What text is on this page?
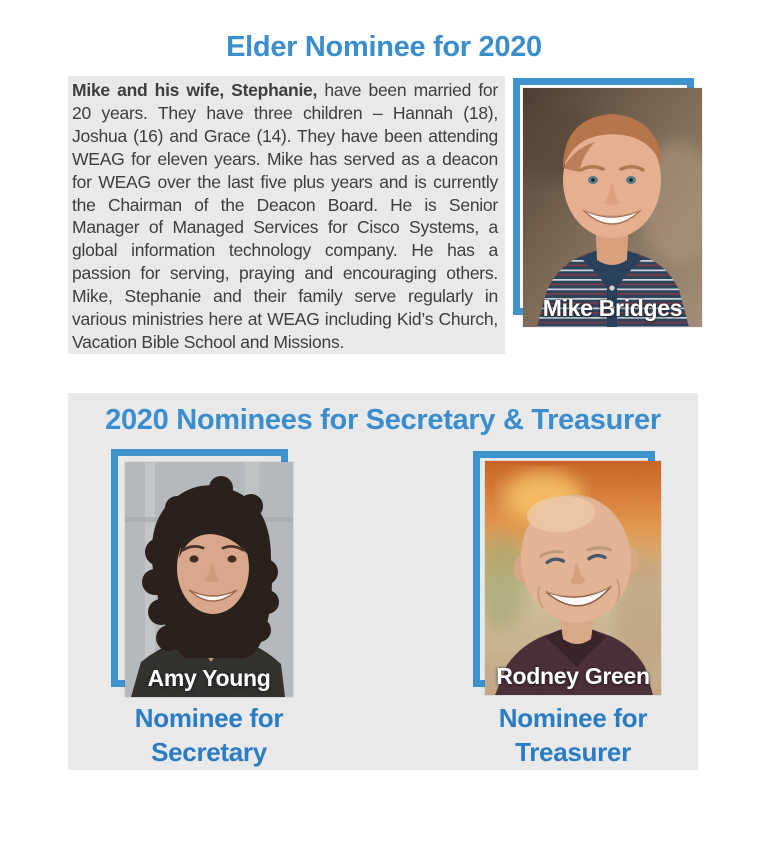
Elder Nominee for 2020

Mike and his wife, Stephanie, have been married for 20 years. They have three children – Hannah (18), Joshua (16) and Grace (14). They have been attending WEAG for eleven years. Mike has served as a deacon for WEAG over the last five plus years and is currently the Chairman of the Deacon Board. He is Senior Manager of Managed Services for Cisco Systems, a global information technology company. He has a passion for serving, praying and encouraging others. Mike, Stephanie and their family serve regularly in various ministries here at WEAG including Kid’s Church, Vacation Bible School and Missions.

Mike Bridges
2020 Nominees for Secretary & Treasurer
Amy Young
Nominee for
Secretary
Rodney Green
Nominee for
Treasurer
